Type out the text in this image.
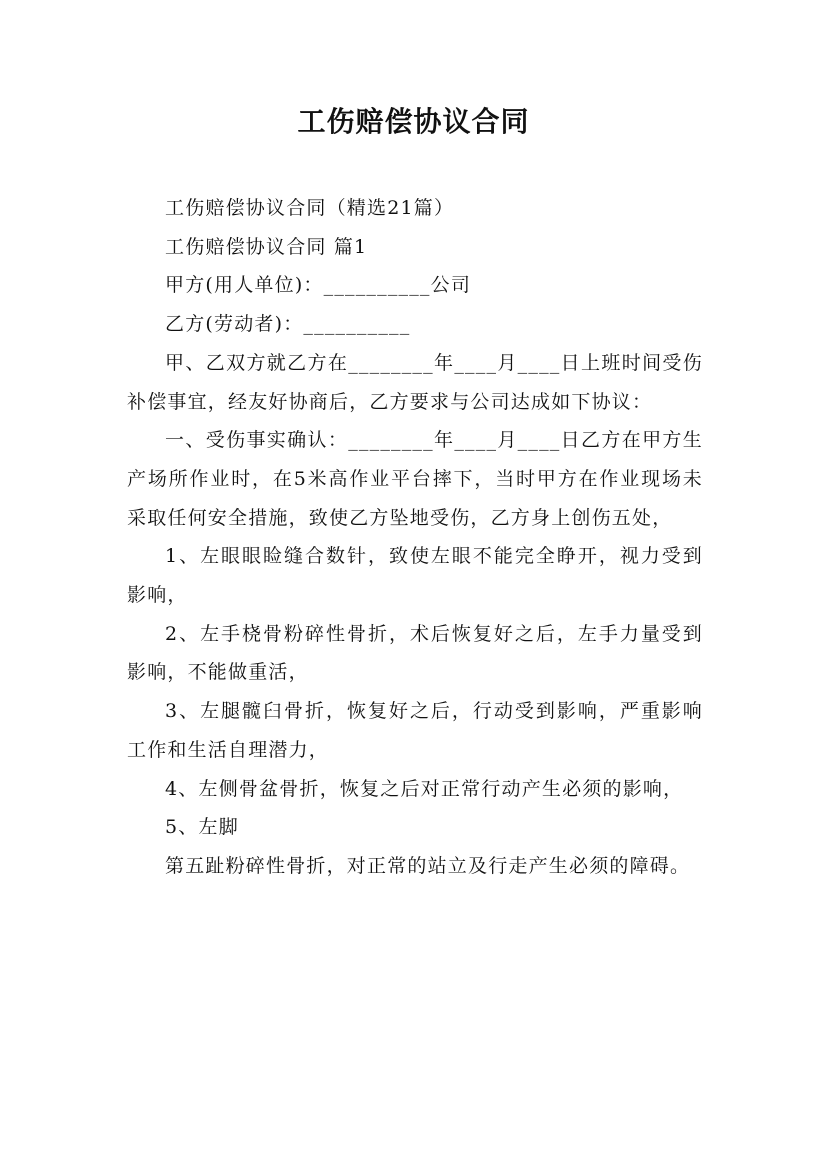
工伤赔偿协议合同

工伤赔偿协议合同（精选21篇）

工伤赔偿协议合同 篇1

甲方(用人单位)：__________公司

乙方(劳动者)：__________

甲、乙双方就乙方在________年____月____日上班时间受伤补偿事宜，经友好协商后，乙方要求与公司达成如下协议：

一、受伤事实确认：________年____月____日乙方在甲方生产场所作业时，在5米高作业平台摔下，当时甲方在作业现场未采取任何安全措施，致使乙方坠地受伤，乙方身上创伤五处，

1、左眼眼睑缝合数针，致使左眼不能完全睁开，视力受到影响，

2、左手桡骨粉碎性骨折，术后恢复好之后，左手力量受到影响，不能做重活，

3、左腿髋臼骨折，恢复好之后，行动受到影响，严重影响工作和生活自理潜力，

4、左侧骨盆骨折，恢复之后对正常行动产生必须的影响，

5、左脚

第五趾粉碎性骨折，对正常的站立及行走产生必须的障碍。
